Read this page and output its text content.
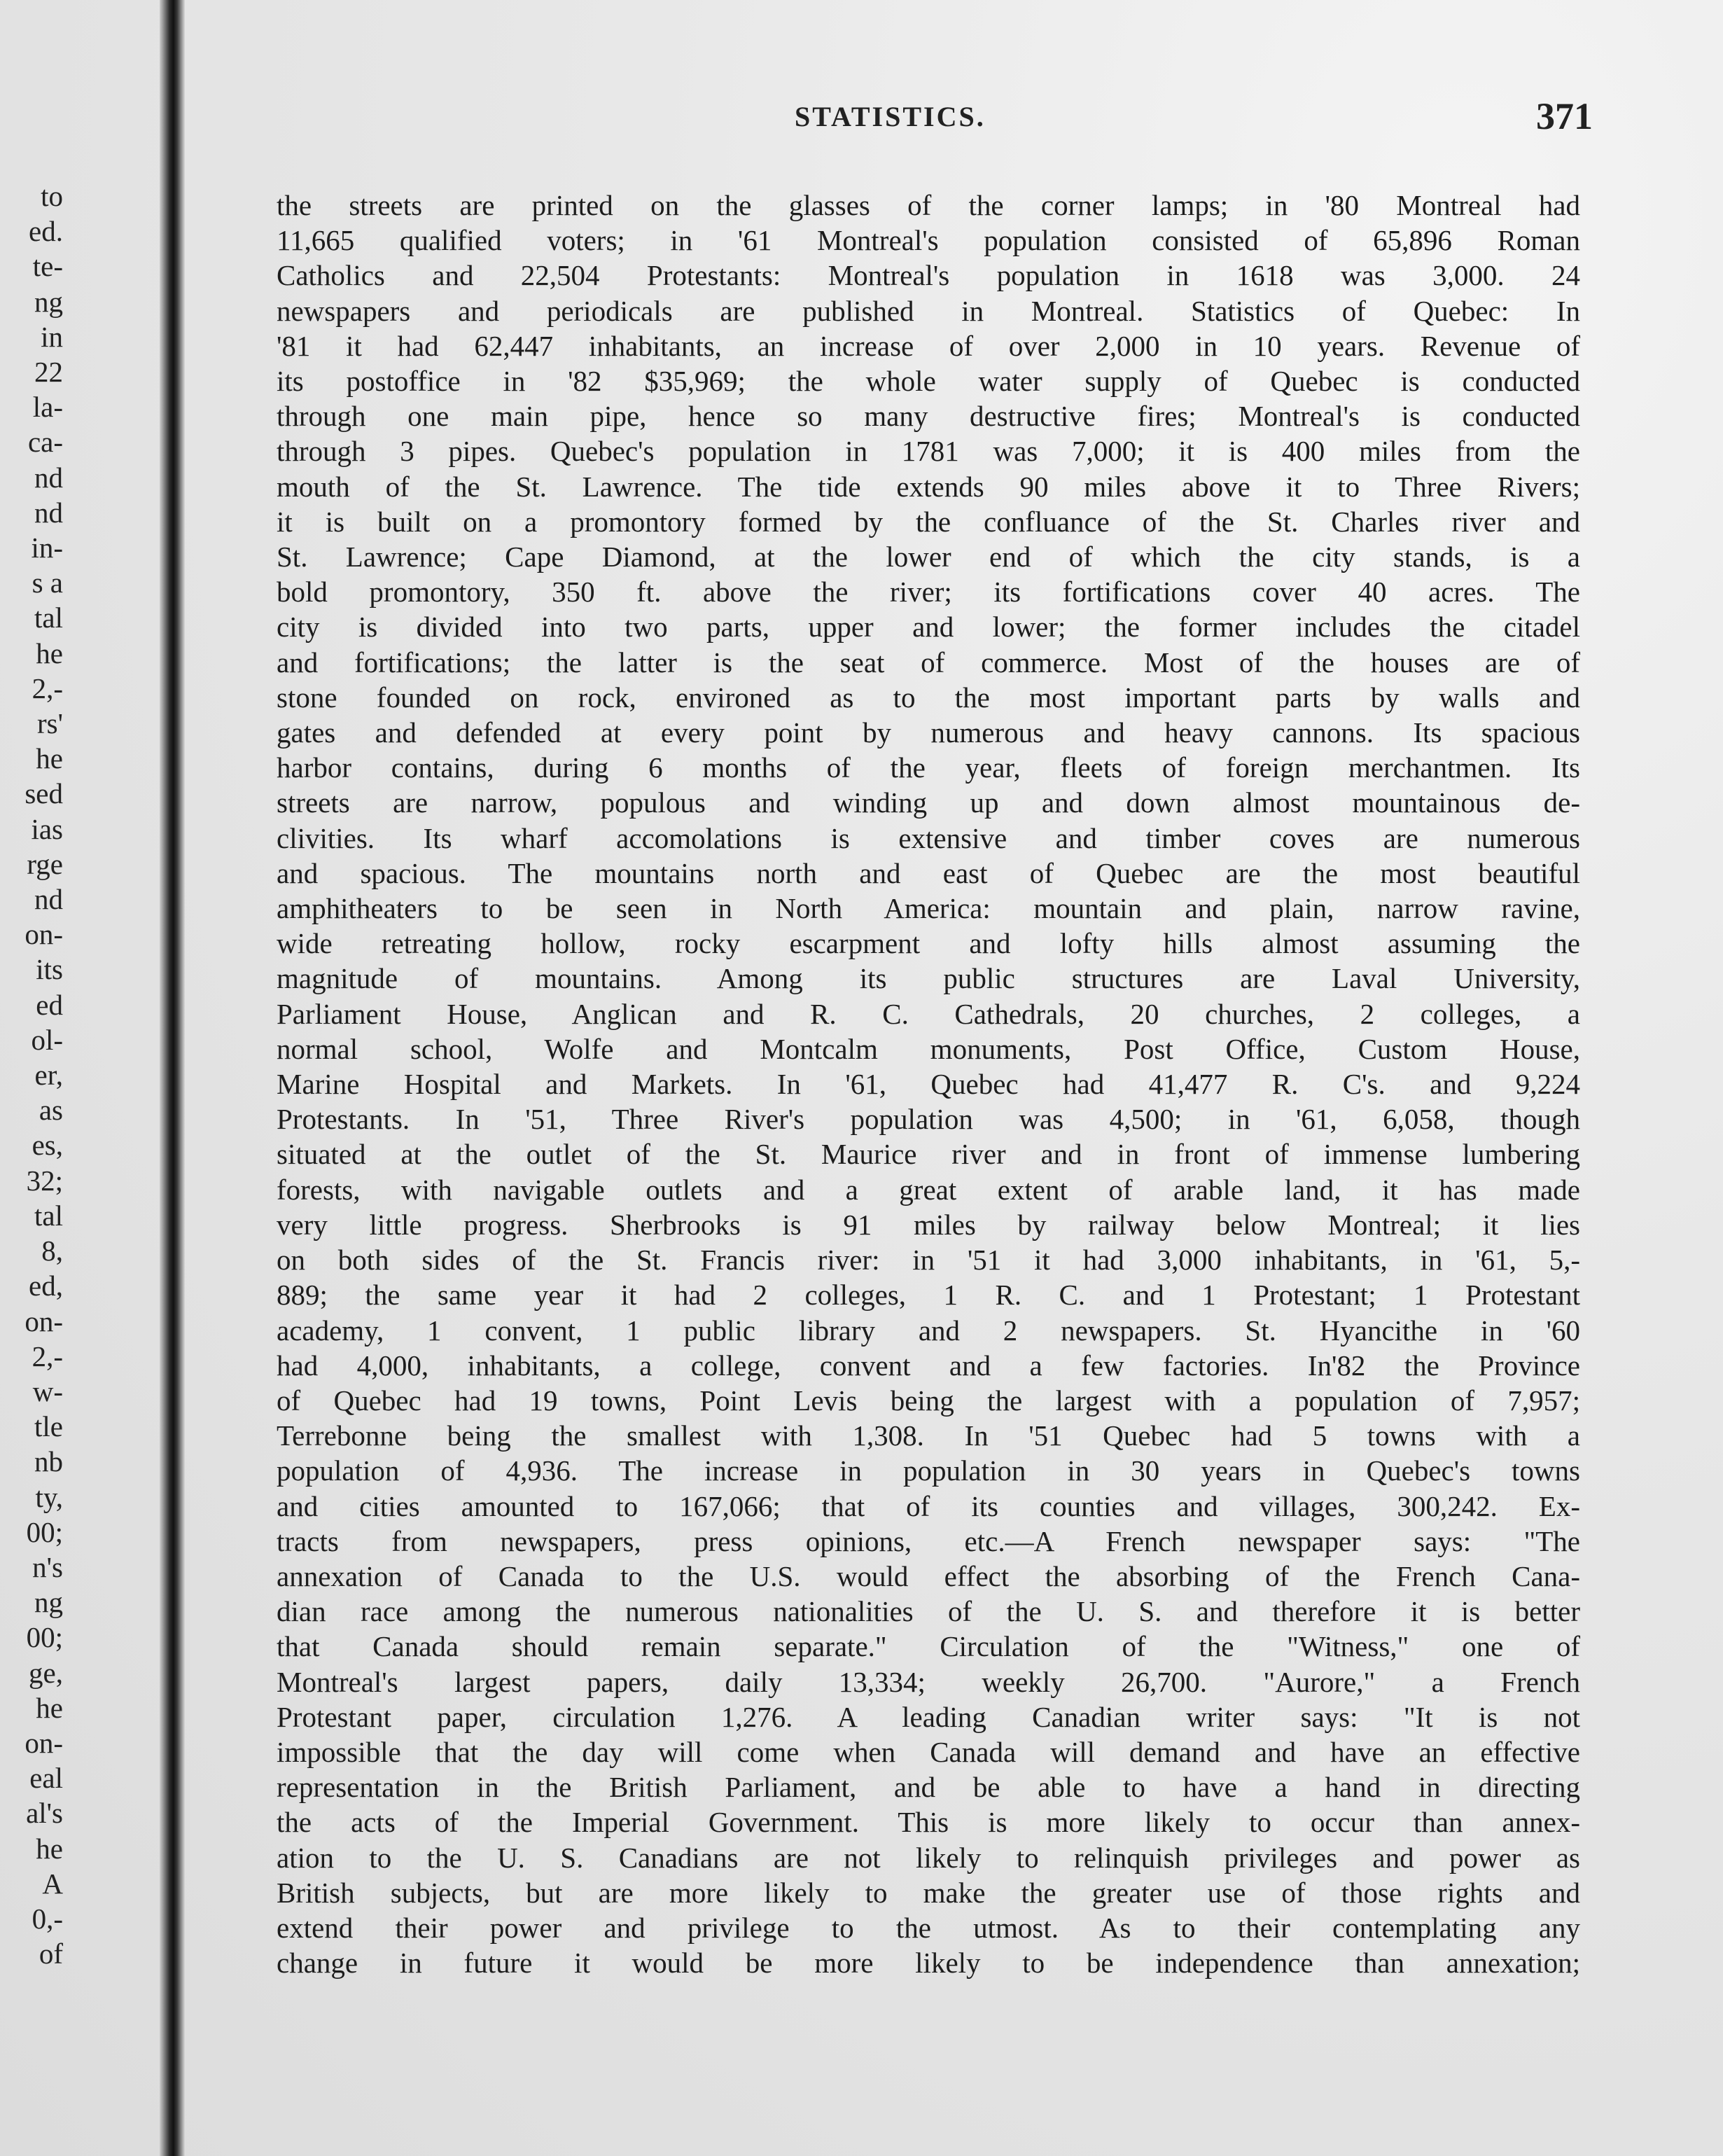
to
ed.
te-
ng
in
22
la-
ca-
nd
nd
in-
s a
tal
he
2,-
rs'
he
sed
ias
rge
nd
on-
its
ed
ol-
er,
as
es,
32;
tal
8,
ed,
on-
2,-
w-
tle
nb
ty,
00;
n's
ng
00;
ge,
he
on-
eal
al's
he
A
0,-
of
STATISTICS.	371
the streets are printed on the glasses of the corner lamps; in '80 Montreal had
11,665 qualified voters; in '61 Montreal's population consisted of 65,896 Roman
Catholics and 22,504 Protestants: Montreal's population in 1618 was 3,000. 24
newspapers and periodicals are published in Montreal. Statistics of Quebec: In
'81 it had 62,447 inhabitants, an increase of over 2,000 in 10 years. Revenue of
its postoffice in '82 $35,969; the whole water supply of Quebec is conducted
through one main pipe, hence so many destructive fires; Montreal's is conducted
through 3 pipes. Quebec's population in 1781 was 7,000; it is 400 miles from the
mouth of the St. Lawrence. The tide extends 90 miles above it to Three Rivers;
it is built on a promontory formed by the confluance of the St. Charles river and
St. Lawrence; Cape Diamond, at the lower end of which the city stands, is a
bold promontory, 350 ft. above the river; its fortifications cover 40 acres. The
city is divided into two parts, upper and lower; the former includes the citadel
and fortifications; the latter is the seat of commerce. Most of the houses are of
stone founded on rock, environed as to the most important parts by walls and
gates and defended at every point by numerous and heavy cannons. Its spacious
harbor contains, during 6 months of the year, fleets of foreign merchantmen. Its
streets are narrow, populous and winding up and down almost mountainous de-
clivities. Its wharf accomolations is extensive and timber coves are numerous
and spacious. The mountains north and east of Quebec are the most beautiful
amphitheaters to be seen in North America: mountain and plain, narrow ravine,
wide retreating hollow, rocky escarpment and lofty hills almost assuming the
magnitude of mountains. Among its public structures are Laval University,
Parliament House, Anglican and R. C. Cathedrals, 20 churches, 2 colleges, a
normal school, Wolfe and Montcalm monuments, Post Office, Custom House,
Marine Hospital and Markets. In '61, Quebec had 41,477 R. C's. and 9,224
Protestants. In '51, Three River's population was 4,500; in '61, 6,058, though
situated at the outlet of the St. Maurice river and in front of immense lumbering
forests, with navigable outlets and a great extent of arable land, it has made
very little progress. Sherbrooks is 91 miles by railway below Montreal; it lies
on both sides of the St. Francis river: in '51 it had 3,000 inhabitants, in '61, 5,-
889; the same year it had 2 colleges, 1 R. C. and 1 Protestant; 1 Protestant
academy, 1 convent, 1 public library and 2 newspapers. St. Hyancithe in '60
had 4,000, inhabitants, a college, convent and a few factories. In'82 the Province
of Quebec had 19 towns, Point Levis being the largest with a population of 7,957;
Terrebonne being the smallest with 1,308. In '51 Quebec had 5 towns with a
population of 4,936. The increase in population in 30 years in Quebec's towns
and cities amounted to 167,066; that of its counties and villages, 300,242. Ex-
tracts from newspapers, press opinions, etc.—A French newspaper says: "The
annexation of Canada to the U.S. would effect the absorbing of the French Cana-
dian race among the numerous nationalities of the U. S. and therefore it is better
that Canada should remain separate." Circulation of the "Witness," one of
Montreal's largest papers, daily 13,334; weekly 26,700. "Aurore," a French
Protestant paper, circulation 1,276. A leading Canadian writer says: "It is not
impossible that the day will come when Canada will demand and have an effective
representation in the British Parliament, and be able to have a hand in directing
the acts of the Imperial Government. This is more likely to occur than annex-
ation to the U. S. Canadians are not likely to relinquish privileges and power as
British subjects, but are more likely to make the greater use of those rights and
extend their power and privilege to the utmost. As to their contemplating any
change in future it would be more likely to be independence than annexation;
